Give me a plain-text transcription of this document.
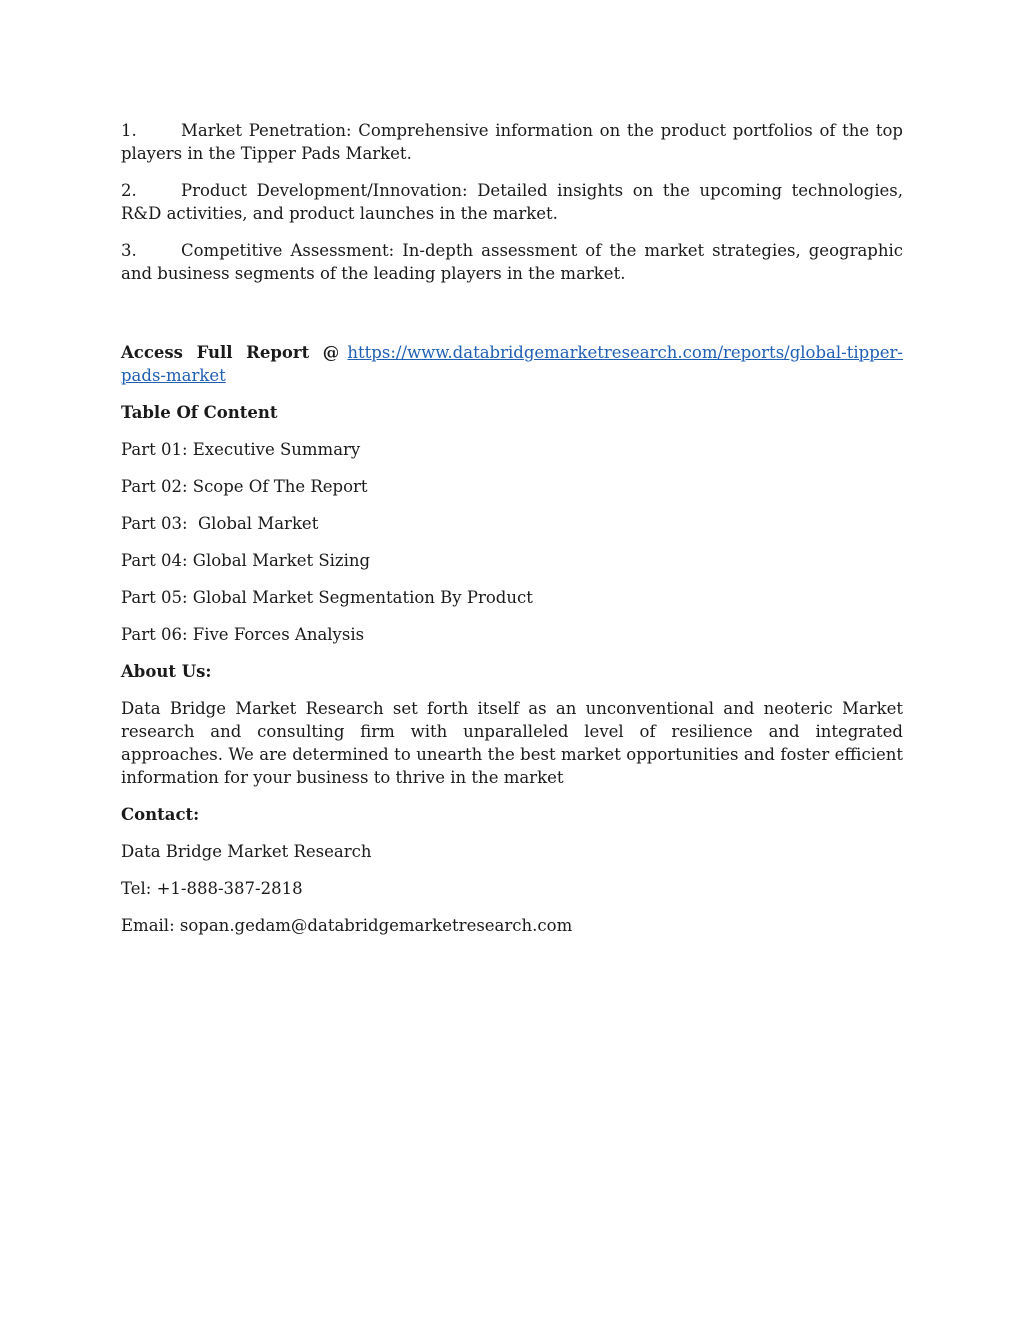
1.	Market Penetration: Comprehensive information on the product portfolios of the top players in the Tipper Pads Market.
2.	Product Development/Innovation: Detailed insights on the upcoming technologies, R&D activities, and product launches in the market.
3.	Competitive Assessment: In-depth assessment of the market strategies, geographic and business segments of the leading players in the market.
Access Full Report @ https://www.databridgemarketresearch.com/reports/global-tipper-pads-market
Table Of Content
Part 01: Executive Summary
Part 02: Scope Of The Report
Part 03:  Global Market
Part 04: Global Market Sizing
Part 05: Global Market Segmentation By Product
Part 06: Five Forces Analysis
About Us:
Data Bridge Market Research set forth itself as an unconventional and neoteric Market research and consulting firm with unparalleled level of resilience and integrated approaches. We are determined to unearth the best market opportunities and foster efficient information for your business to thrive in the market
Contact:
Data Bridge Market Research
Tel: +1-888-387-2818
Email: sopan.gedam@databridgemarketresearch.com
